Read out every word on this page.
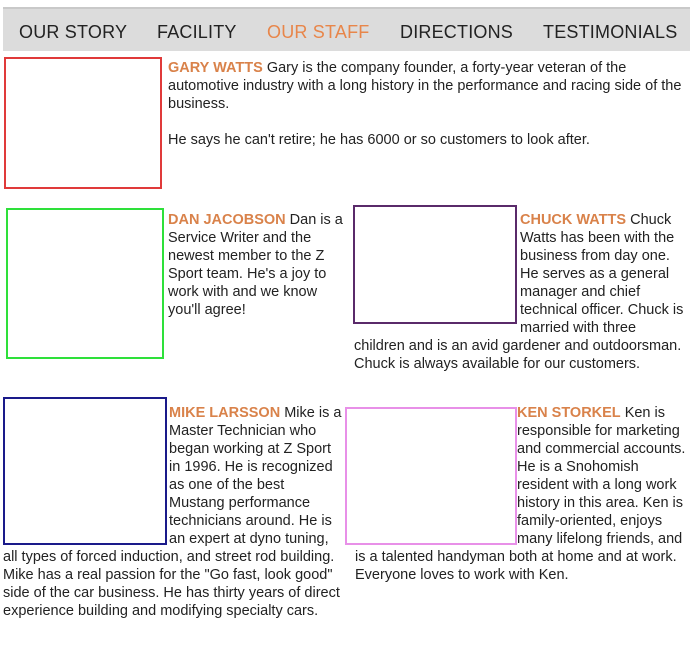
OUR STORY FACILITY OUR STAFF DIRECTIONS TESTIMONIALS

GARY WATTS Gary is the company founder, a forty-year veteran of the automotive industry with a long history in the performance and racing side of the business.

He says he can't retire; he has 6000 or so customers to look after.

DAN JACOBSON Dan is a Service Writer and the newest member to the Z Sport team. He's a joy to work with and we know you'll agree!

CHUCK WATTS Chuck Watts has been with the business from day one. He serves as a general manager and chief technical officer. Chuck is married with three children and is an avid gardener and outdoorsman. Chuck is always available for our customers.

MIKE LARSSON Mike is a Master Technician who began working at Z Sport in 1996. He is recognized as one of the best Mustang performance technicians around. He is an expert at dyno tuning, all types of forced induction, and street rod building. Mike has a real passion for the "Go fast, look good" side of the car business. He has thirty years of direct experience building and modifying specialty cars.

KEN STORKEL Ken is responsible for marketing and commercial accounts. He is a Snohomish resident with a long work history in this area. Ken is family-oriented, enjoys many lifelong friends, and is a talented handyman both at home and at work. Everyone loves to work with Ken.
